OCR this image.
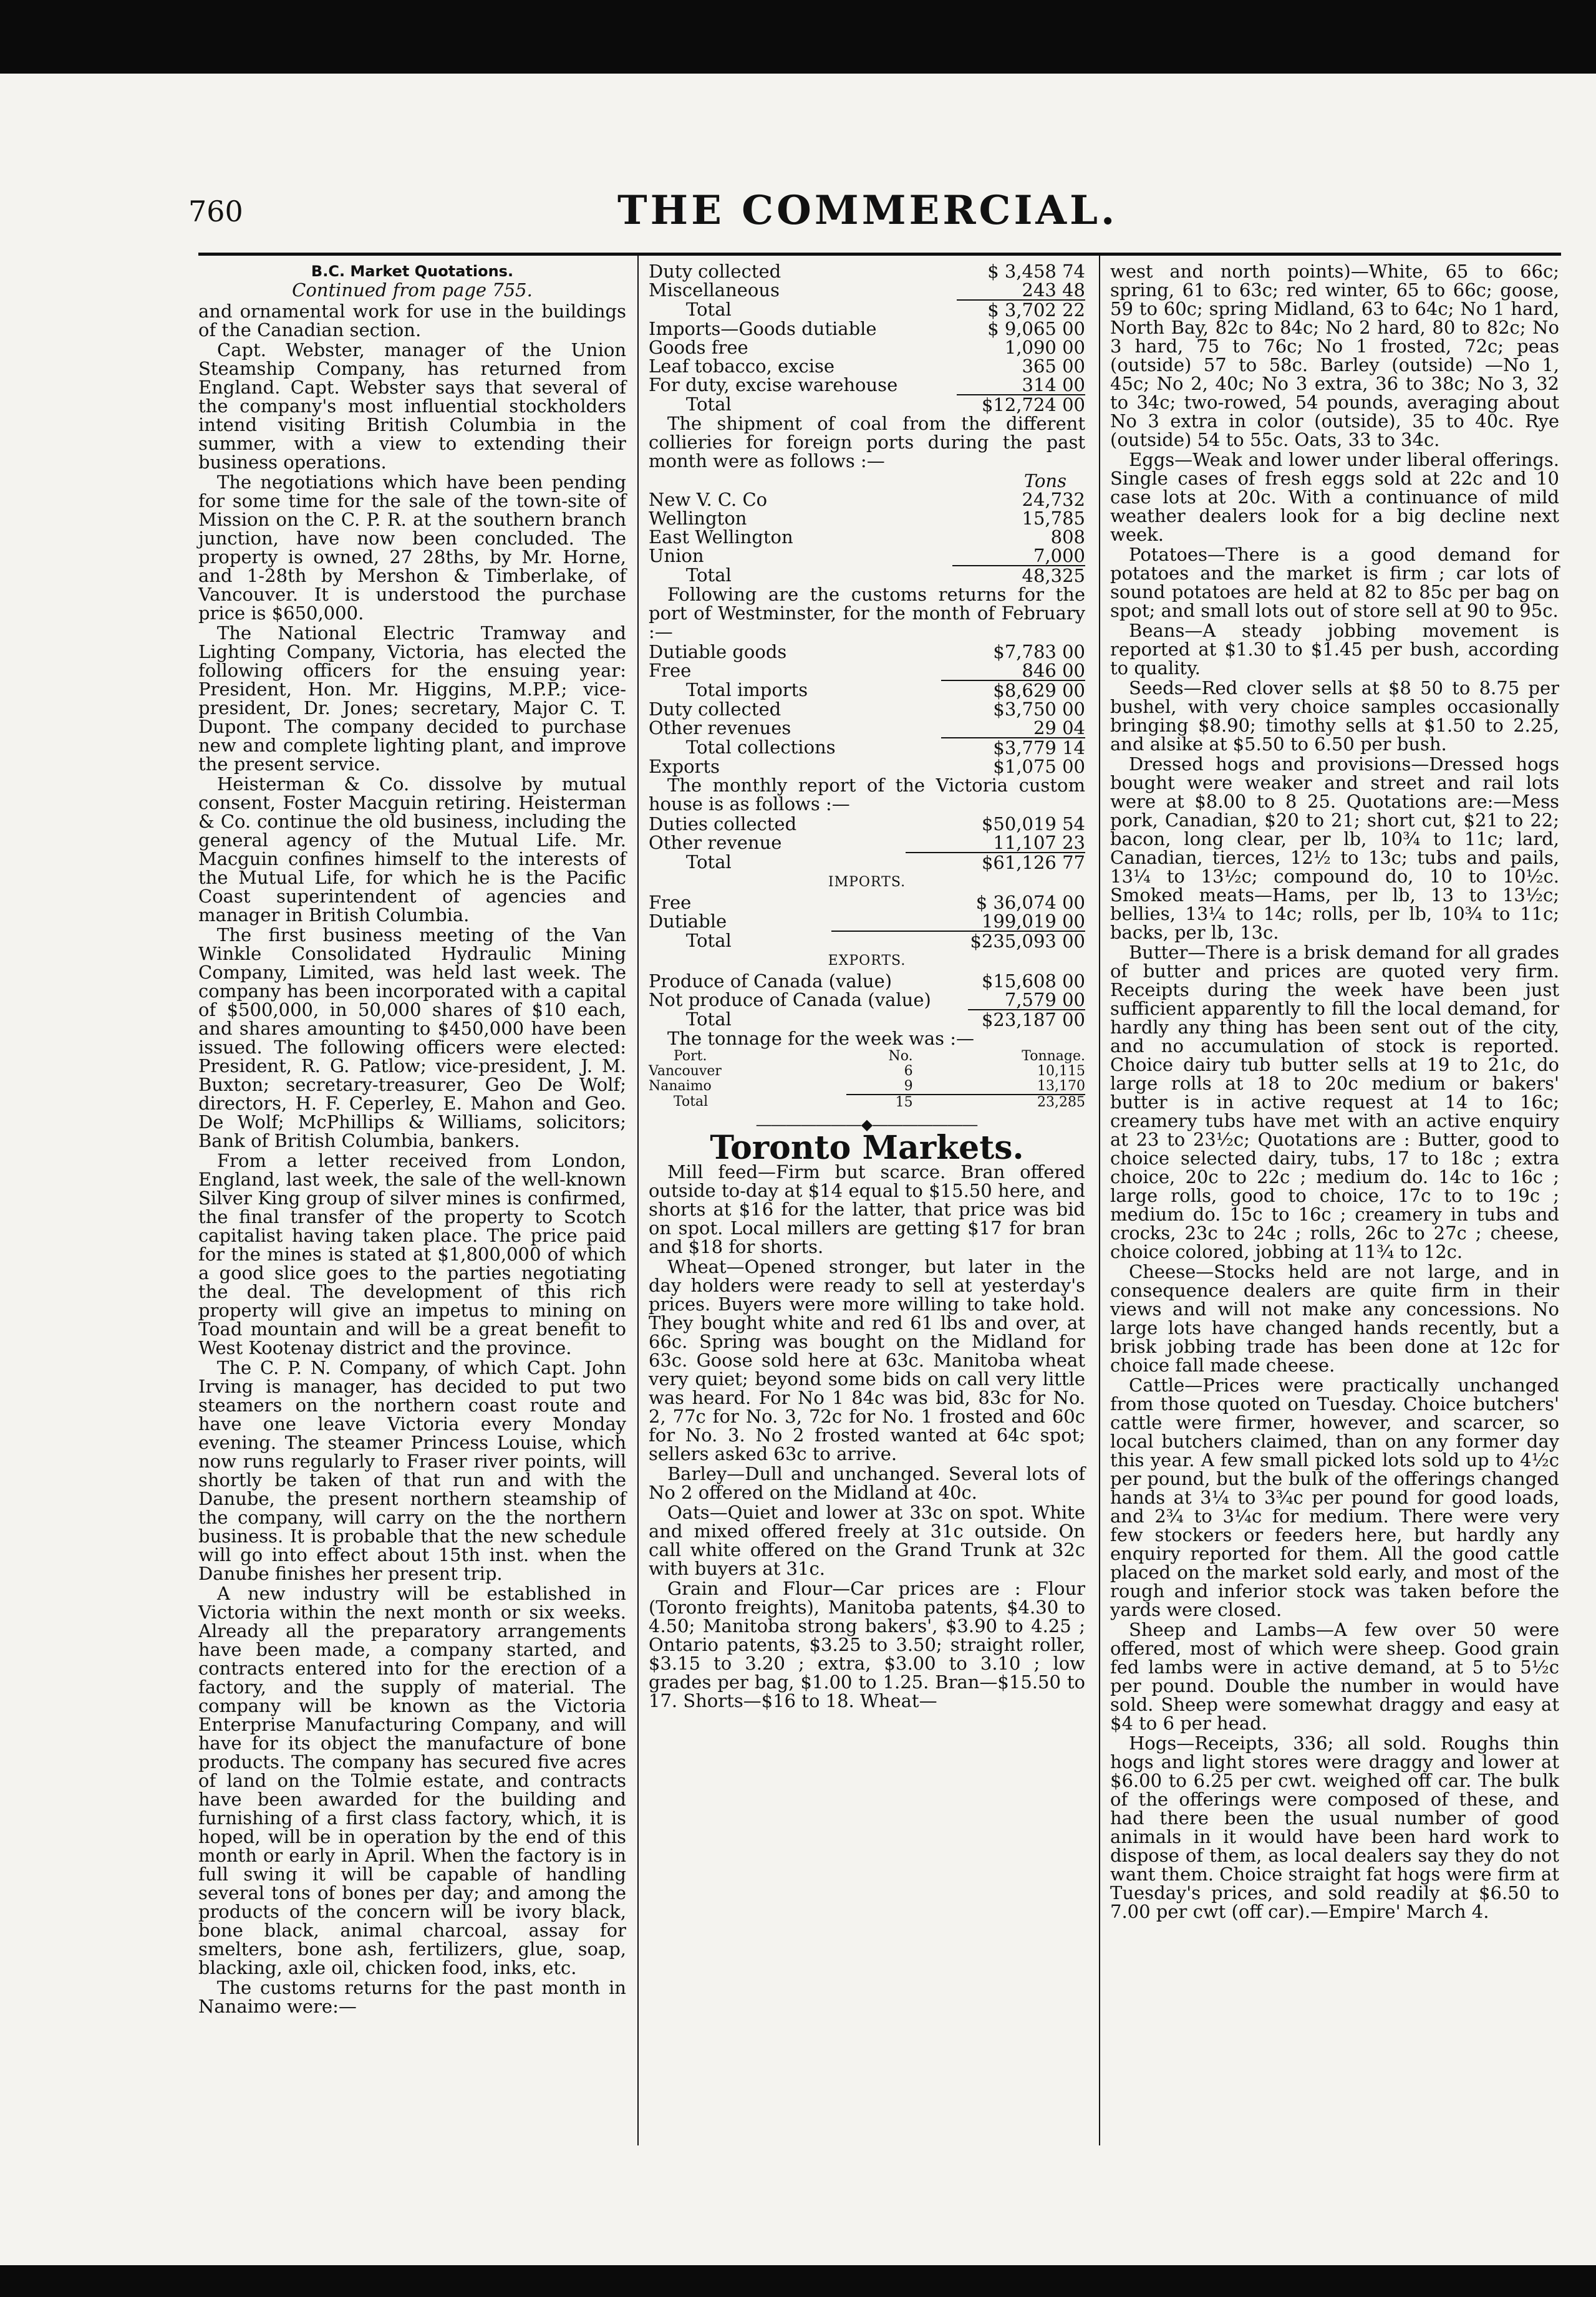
760	THE COMMERCIAL.
B.C. Market Quotations.
Continued from page 755.

and ornamental work for use in the buildings of the Canadian section.

Capt. Webster, manager of the Union Steamship Company, has returned from England. Capt. Webster says that several of the company's most influential stockholders intend visiting British Columbia in the summer, with a view to extending their business operations.

The negotiations which have been pending for some time for the sale of the town-site of Mission on the C. P. R. at the southern branch junction, have now been concluded. The property is owned, 27 28ths, by Mr. Horne, and 1-28th by Mershon & Timberlake, of Vancouver. It is understood the purchase price is $650,000.

The National Electric Tramway and Lighting Company, Victoria, has elected the following officers for the ensuing year: President, Hon. Mr. Higgins, M.P.P.; vice-president, Dr. Jones; secretary, Major C. T. Dupont. The company decided to purchase new and complete lighting plant, and improve the present service.

Heisterman & Co. dissolve by mutual consent, Foster Macguin retiring. Heisterman & Co. continue the old business, including the general agency of the Mutual Life. Mr. Macguin confines himself to the interests of the Mutual Life, for which he is the Pacific Coast superintendent of agencies and manager in British Columbia.

The first business meeting of the Van Winkle Consolidated Hydraulic Mining Company, Limited, was held last week. The company has been incorporated with a capital of $500,000, in 50,000 shares of $10 each, and shares amounting to $450,000 have been issued. The following officers were elected: President, R. G. Patlow; vice-president, J. M. Buxton; secretary-treasurer, Geo De Wolf; directors, H. F. Ceperley, E. Mahon and Geo. De Wolf; McPhillips & Williams, solicitors; Bank of British Columbia, bankers.

From a letter received from London, England, last week, the sale of the well-known Silver King group of silver mines is confirmed, the final transfer of the property to Scotch capitalist having taken place. The price paid for the mines is stated at $1,800,000 of which a good slice goes to the parties negotiating the deal. The development of this rich property will give an impetus to mining on Toad mountain and will be a great benefit to West Kootenay district and the province.

The C. P. N. Company, of which Capt. John Irving is manager, has decided to put two steamers on the northern coast route and have one leave Victoria every Monday evening. The steamer Princess Louise, which now runs regularly to Fraser river points, will shortly be taken of that run and with the Danube, the present northern steamship of the company, will carry on the the northern business. It is probable that the new schedule will go into effect about 15th inst. when the Danube finishes her present trip.

A new industry will be established in Victoria within the next month or six weeks. Already all the preparatory arrangements have been made, a company started, and contracts entered into for the erection of a factory, and the supply of material. The company will be known as the Victoria Enterprise Manufacturing Company, and will have for its object the manufacture of bone products. The company has secured five acres of land on the Tolmie estate, and contracts have been awarded for the building and furnishing of a first class factory, which, it is hoped, will be in operation by the end of this month or early in April. When the factory is in full swing it will be capable of handling several tons of bones per day; and among the products of the concern will be ivory black, bone black, animal charcoal, assay for smelters, bone ash, fertilizers, glue, soap, blacking, axle oil, chicken food, inks, etc.

The customs returns for the past month in Nanaimo were:—

Duty collected	$ 3,458 74
Miscellaneous	243 48
Total	$ 3,702 22
Imports—Goods dutiable	$ 9,065 00
Goods free	1,090 00
Leaf tobacco, excise	365 00
For duty, excise warehouse	314 00
Total	$12,724 00

The shipment of coal from the different collieries for foreign ports during the past month were as follows :—

Tons
New V. C. Co	24,732
Wellington	15,785
East Wellington	808
Union	7,000
Total	48,325

Following are the customs returns for the port of Westminster, for the month of February :—

Dutiable goods	$7,783 00
Free	846 00
Total imports	$8,629 00
Duty collected	$3,750 00
Other revenues	29 04
Total collections	$3,779 14
Exports	$1,075 00

The monthly report of the Victoria custom house is as follows :—

Duties collected	$50,019 54
Other revenue	11,107 23
Total	$61,126 77
IMPORTS.
Free	$ 36,074 00
Dutiable	199,019 00
Total	$235,093 00
EXPORTS.
Produce of Canada (value)	$15,608 00
Not produce of Canada (value)	7,579 00
Total	$23,187 00

The tonnage for the week was :—

Port.	No.	Tonnage.
Vancouver	6	10,115
Nanaimo	9	13,170
Total	15	23,285
―――――――◆―――――――
Toronto Markets.

Mill feed—Firm but scarce. Bran offered outside to-day at $14 equal to $15.50 here, and shorts at $16 for the latter, that price was bid on spot. Local millers are getting $17 for bran and $18 for shorts.

Wheat—Opened stronger, but later in the day holders were ready to sell at yesterday's prices. Buyers were more willing to take hold. They bought white and red 61 lbs and over, at 66c. Spring was bought on the Midland for 63c. Goose sold here at 63c. Manitoba wheat very quiet; beyond some bids on call very little was heard. For No 1 84c was bid, 83c for No. 2, 77c for No. 3, 72c for No. 1 frosted and 60c for No. 3. No 2 frosted wanted at 64c spot; sellers asked 63c to arrive.

Barley—Dull and unchanged. Several lots of No 2 offered on the Midland at 40c.

Oats—Quiet and lower at 33c on spot. White and mixed offered freely at 31c outside. On call white offered on the Grand Trunk at 32c with buyers at 31c.

Grain and Flour—Car prices are : Flour (Toronto freights), Manitoba patents, $4.30 to 4.50; Manitoba strong bakers', $3.90 to 4.25 ; Ontario patents, $3.25 to 3.50; straight roller, $3.15 to 3.20 ; extra, $3.00 to 3.10 ; low grades per bag, $1.00 to 1.25. Bran—$15.50 to 17. Shorts—$16 to 18. Wheat—

west and north points)—White, 65 to 66c; spring, 61 to 63c; red winter, 65 to 66c; goose, 59 to 60c; spring Midland, 63 to 64c; No 1 hard, North Bay, 82c to 84c; No 2 hard, 80 to 82c; No 3 hard, 75 to 76c; No 1 frosted, 72c; peas (outside) 57 to 58c. Barley (outside) —No 1, 45c; No 2, 40c; No 3 extra, 36 to 38c; No 3, 32 to 34c; two-rowed, 54 pounds, averaging about No 3 extra in color (outside), 35 to 40c. Rye (outside) 54 to 55c. Oats, 33 to 34c.

Eggs—Weak and lower under liberal offerings. Single cases of fresh eggs sold at 22c and 10 case lots at 20c. With a continuance of mild weather dealers look for a big decline next week.

Potatoes—There is a good demand for potatoes and the market is firm ; car lots of sound potatoes are held at 82 to 85c per bag on spot; and small lots out of store sell at 90 to 95c.

Beans—A steady jobbing movement is reported at $1.30 to $1.45 per bush, according to quality.

Seeds—Red clover sells at $8 50 to 8.75 per bushel, with very choice samples occasionally bringing $8.90; timothy sells at $1.50 to 2.25, and alsike at $5.50 to 6.50 per bush.

Dressed hogs and provisions—Dressed hogs bought were weaker and street and rail lots were at $8.00 to 8 25. Quotations are:—Mess pork, Canadian, $20 to 21; short cut, $21 to 22; bacon, long clear, per lb, 10¾ to 11c; lard, Canadian, tierces, 12½ to 13c; tubs and pails, 13¼ to 13½c; compound do, 10 to 10½c. Smoked meats—Hams, per lb, 13 to 13½c; bellies, 13¼ to 14c; rolls, per lb, 10¾ to 11c; backs, per lb, 13c.

Butter—There is a brisk demand for all grades of butter and prices are quoted very firm. Receipts during the week have been just sufficient apparently to fill the local demand, for hardly any thing has been sent out of the city, and no accumulation of stock is reported. Choice dairy tub butter sells at 19 to 21c, do large rolls at 18 to 20c medium or bakers' butter is in active request at 14 to 16c; creamery tubs have met with an active enquiry at 23 to 23½c; Quotations are : Butter, good to choice selected dairy, tubs, 17 to 18c ; extra choice, 20c to 22c ; medium do. 14c to 16c ; large rolls, good to choice, 17c to to 19c ; medium do. 15c to 16c ; creamery in tubs and crocks, 23c to 24c ; rolls, 26c to 27c ; cheese, choice colored, jobbing at 11¾ to 12c.

Cheese—Stocks held are not large, and in consequence dealers are quite firm in their views and will not make any concessions. No large lots have changed hands recently, but a brisk jobbing trade has been done at 12c for choice fall made cheese.

Cattle—Prices were practically unchanged from those quoted on Tuesday. Choice butchers' cattle were firmer, however, and scarcer, so local butchers claimed, than on any former day this year. A few small picked lots sold up to 4½c per pound, but the bulk of the offerings changed hands at 3¼ to 3¾c per pound for good loads, and 2¾ to 3¼c for medium. There were very few stockers or feeders here, but hardly any enquiry reported for them. All the good cattle placed on the market sold early, and most of the rough and inferior stock was taken before the yards were closed.

Sheep and Lambs—A few over 50 were offered, most of which were sheep. Good grain fed lambs were in active demand, at 5 to 5½c per pound. Double the number in would have sold. Sheep were somewhat draggy and easy at $4 to 6 per head.

Hogs—Receipts, 336; all sold. Roughs thin hogs and light stores were draggy and lower at $6.00 to 6.25 per cwt. weighed off car. The bulk of the offerings were composed of these, and had there been the usual number of good animals in it would have been hard work to dispose of them, as local dealers say they do not want them. Choice straight fat hogs were firm at Tuesday's prices, and sold readily at $6.50 to 7.00 per cwt (off car).—Empire' March 4.
